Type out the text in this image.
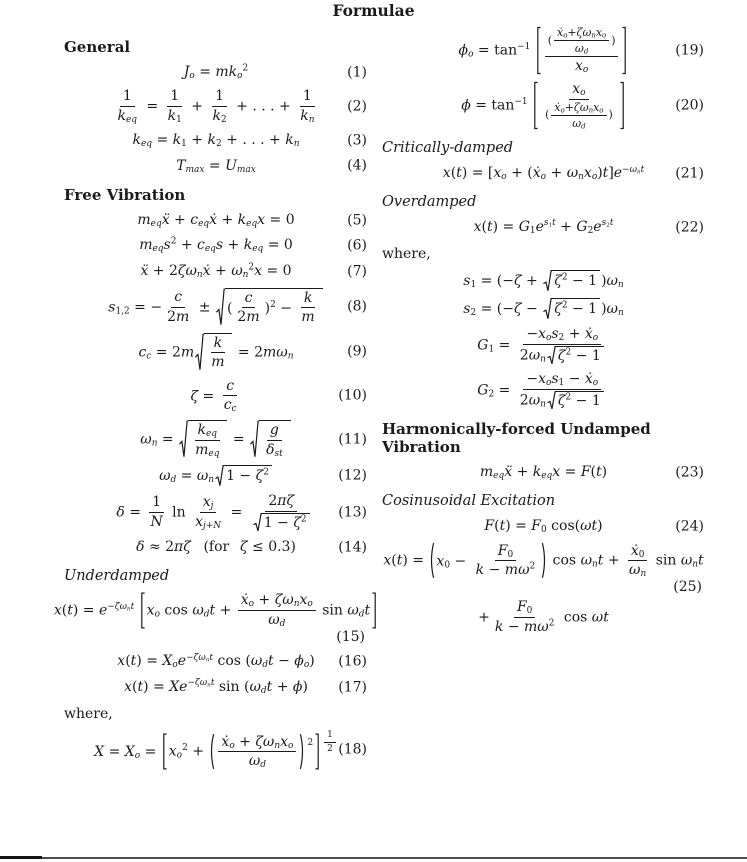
Formulae
General
$J_o = mk_o^2$	(1)
$\frac{1}{k_{eq}} = \frac{1}{k_1} + \frac{1}{k_2}$ + . . . + $\frac{1}{k_n} (2)$
$k_{eq} = k_1 + k_2$ + . . . + $k_n$	(3)
$T_{max} = U_{max}$	(4)
Free Vibration
$m_{eq}ẍ$ + $c_{eq}ẋ + k_{eq}x = 0$	(5)
$m_{eq}s^2 + c_{eq}s + k_{eq} = 0$	(6)
ẍ + $2\zeta\omega_nẋ + \omega_n^2x = 0$	(7)
$s_{1,2}$ = − $\frac{c}{2m}$ ± ( $\frac{c}{2m} )^2 - \frac{k}{m} (8)$
$c_c = 2m \frac{k}{m} = 2m\omega_n$	(9)
$\zeta = \frac{c}{c_c}$	(10)
$\omega_n = \frac{k_{eq}}{m_{eq}} = \frac{g}{\delta_{st}}$	(11)
$\omega_d = \omega_n$ $1 - \zeta^2$	(12)
$\delta = \frac{1}{N}$ $\ln \frac{x_j}{x_{j+N}} = \frac{2\pi\zeta}{1 - \zeta^2} (13)$
δ ≈ 2πζ (for ζ ≤ 0.3)	(14)
Underdamped
$x(t) = e^{-\zeta\omega_nt}$ $x_o$ $\cos \omega_dt + \frac{ẋ_o + \zeta\omega_nx_o}{\omega_d}$ $\sin \omega_dt$
(15)
$x(t) = X_oe^{-\zeta\omega_nt}$ $\cos (\omega_dt - \phi_o)$ (16)
$x(t) = Xe^{-\zeta\omega_nt}$ $\sin (\omega_dt + \phi)$ (17)
where,
$X = X_o = x_o^2 + \frac{ẋ_o + \zeta\omega_nx_o}{\omega_d} ^2$ $^{\frac{1}{2}}$ (18)
$\phi_o = \tan^{-1} \frac{( \frac{ẋ_o+\zeta\omega_nx_o}{\omega_d} )}{x_o}$	(19)
$\phi = \tan^{-1} \frac{x_o}{( \frac{ẋ_o+\zeta\omega_nx_o}{\omega_d} )}$	(20)
Critically-damped
$x(t) = [x_o$ + (ẋ$_o$ + $\omega_nx_o)t]e^{-\omega_nt}$ (21)
Overdamped
$x(t) = G_1e^{s_1t} + G_2e^{s_2t}$	(22)
where,
$s_1 = (-\zeta + \zeta^2 - 1$ )$\omega_n$
$s_2 = (-\zeta - \zeta^2 - 1$ )$\omega_n$
$G_1 = \frac{-x_os_2 + ẋ_o}{2\omega_n \zeta^2 - 1}$
$G_2 = \frac{-x_os_1 - ẋ_o}{2\omega_n \zeta^2 - 1}$
Harmonically-forced Undamped Vibration
$m_{eq}ẍ + k_{eq}x = F(t)$	(23)
Cosinusoidal Excitation
$F(t) = F_0$ cos(ωt)	(24)
$x(t) = x_0 - \frac{F_0}{k - m\omega^2}$ $\cos \omega_nt + \frac{ẋ_0}{\omega_n}$ $\sin \omega_nt$
(25)
+ $\frac{F_0}{k - m\omega^2}$ cos ωt
